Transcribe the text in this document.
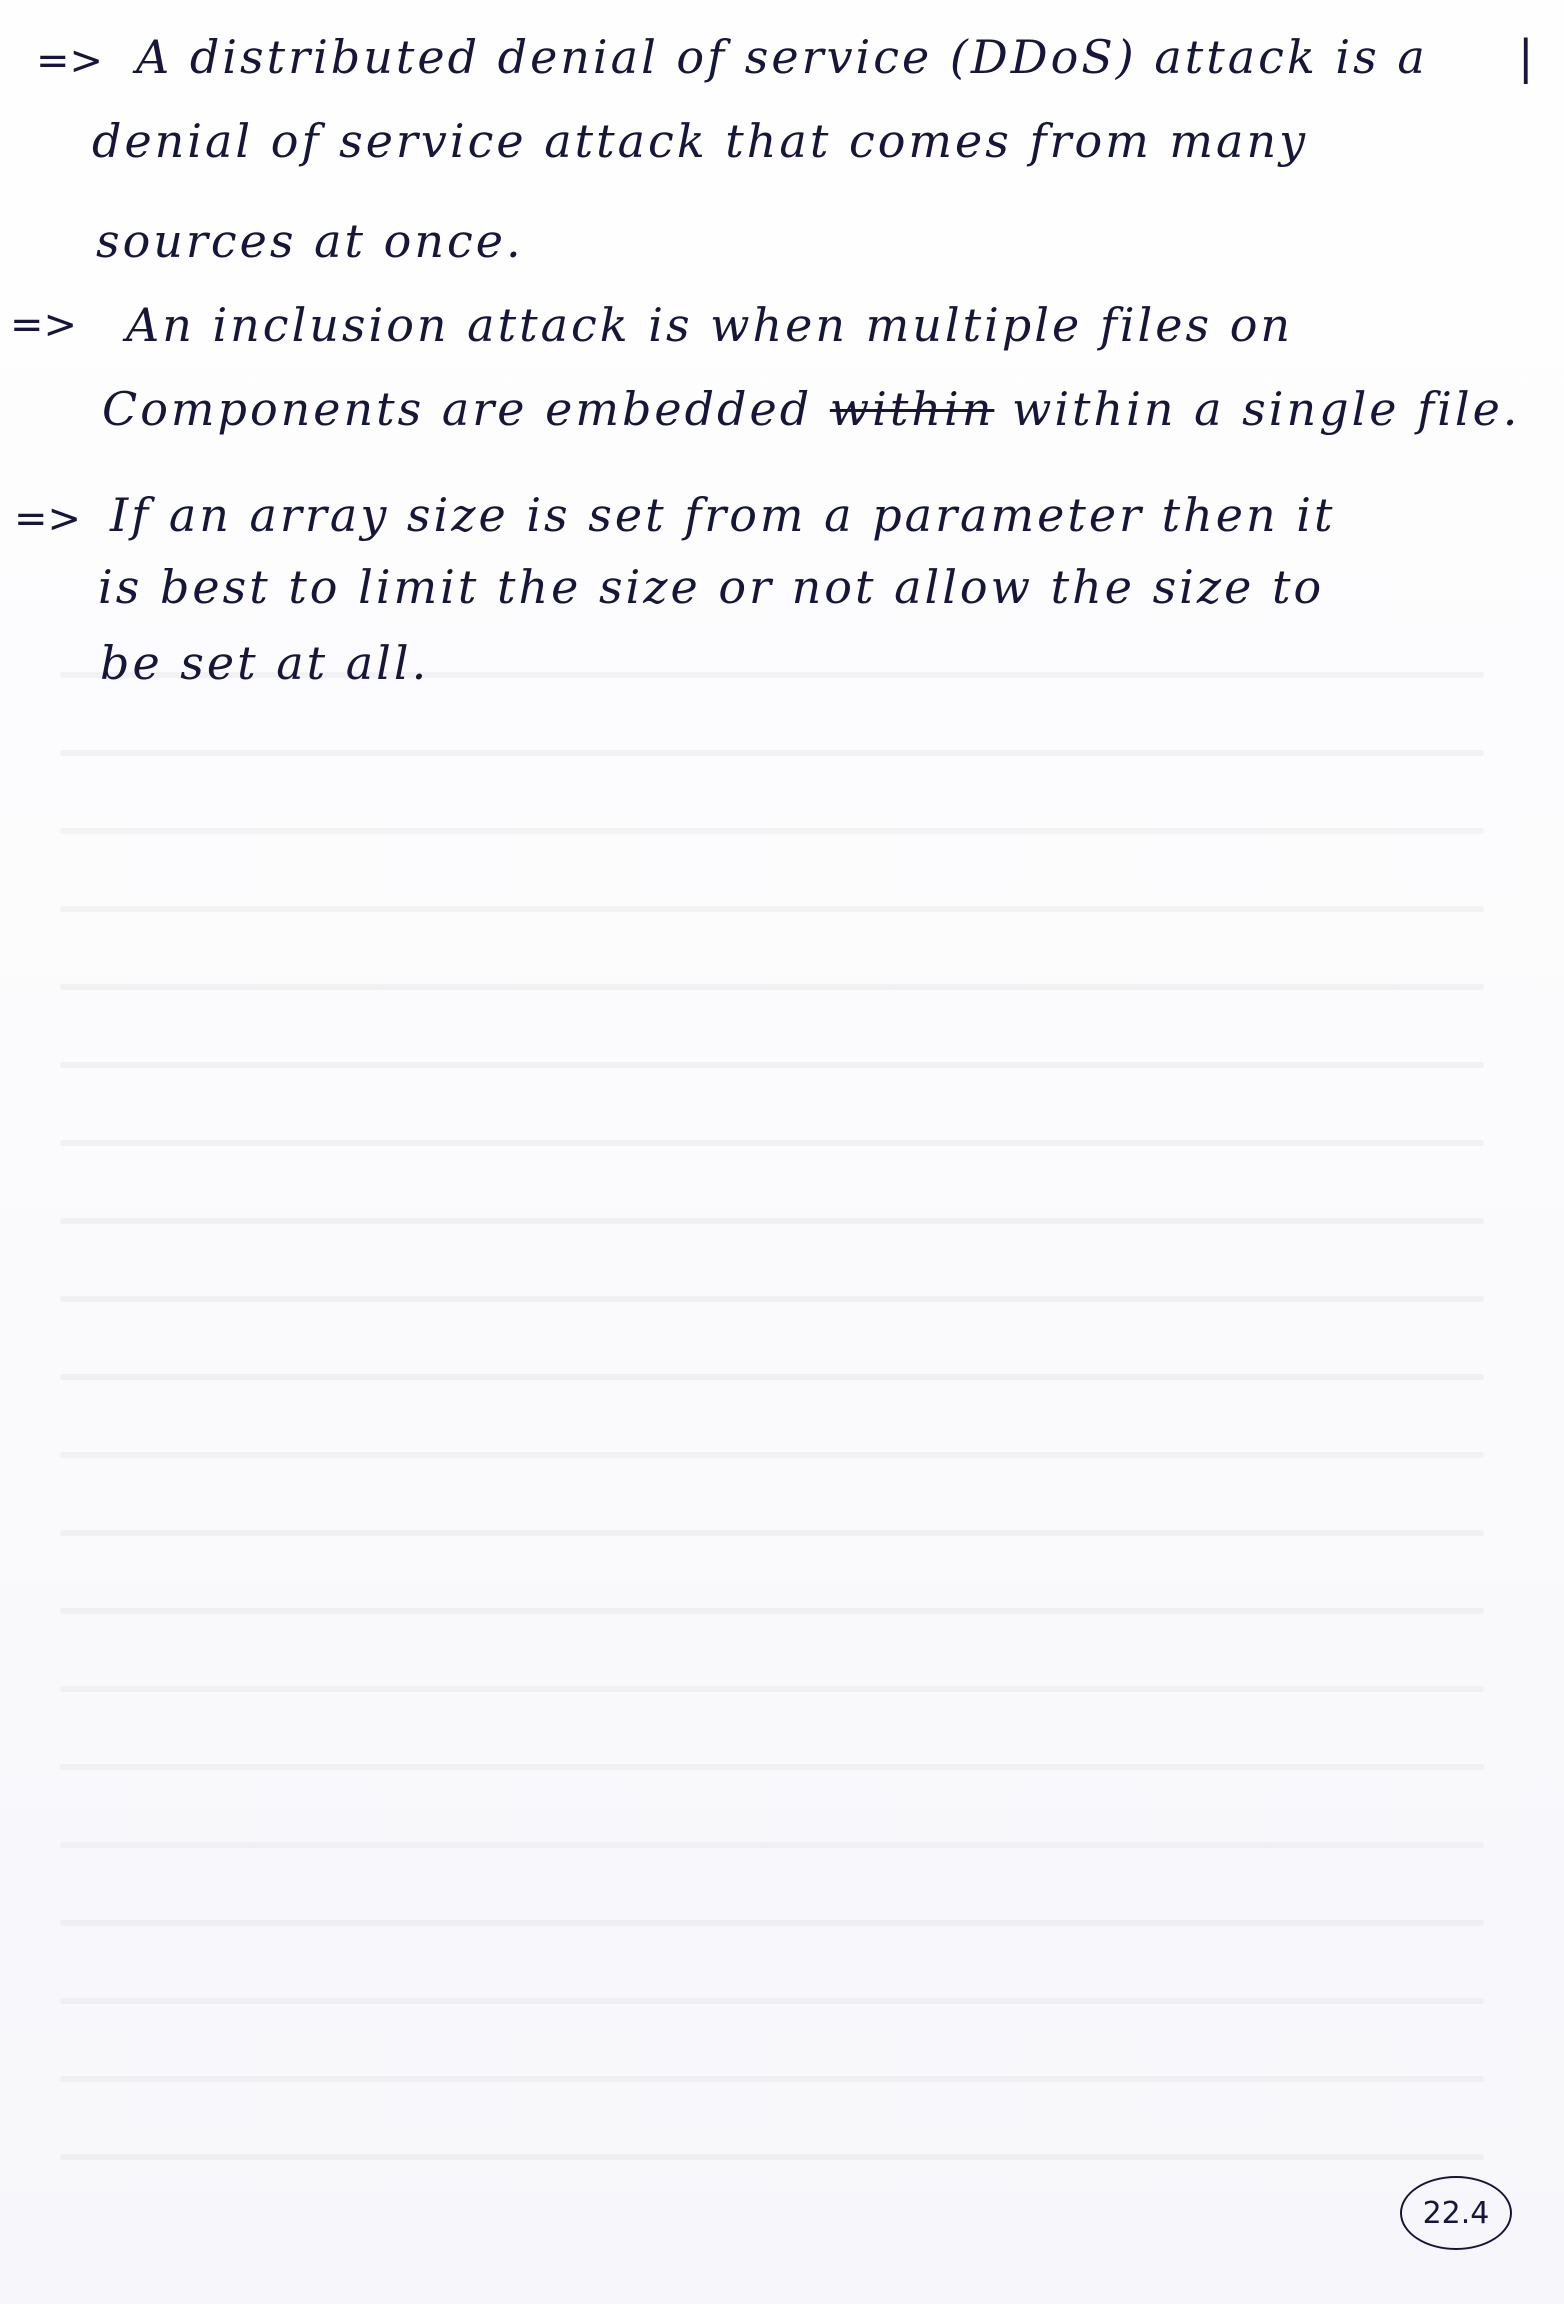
=> A distributed denial of service (DDoS) attack is a |
denial of service attack that comes from many
sources at once.
=> An inclusion attack is when multiple files on
Components are embedded within within a single file.
=> If an array size is set from a parameter then it
is best to limit the size or not allow the size to
be set at all.
22.4
